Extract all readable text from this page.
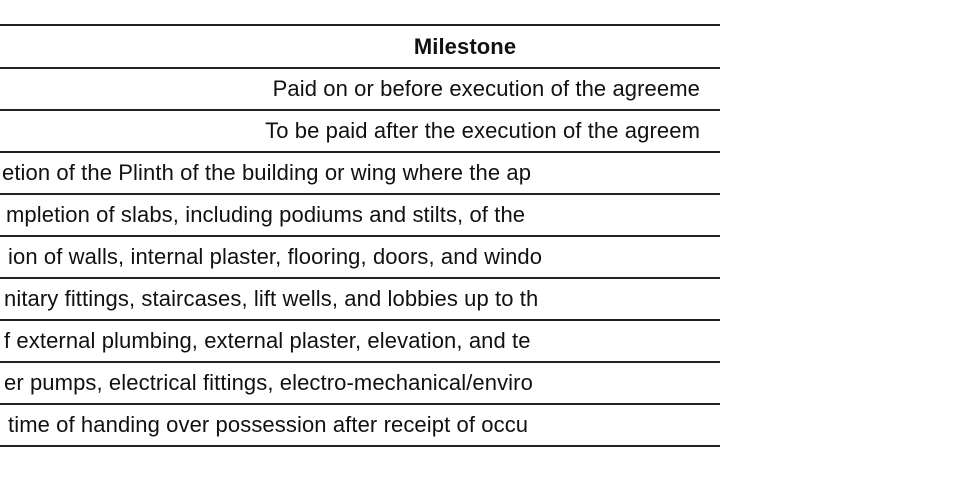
Milestone
Paid on or before execution of the agreeme
To be paid after the execution of the agreem
etion of the Plinth of the building or wing where the ap
mpletion of slabs, including podiums and stilts, of the
ion of walls, internal plaster, flooring, doors, and windo
nitary fittings, staircases, lift wells, and lobbies up to th
f external plumbing, external plaster, elevation, and te
er pumps, electrical fittings, electro-mechanical/enviro
time of handing over possession after receipt of occu
